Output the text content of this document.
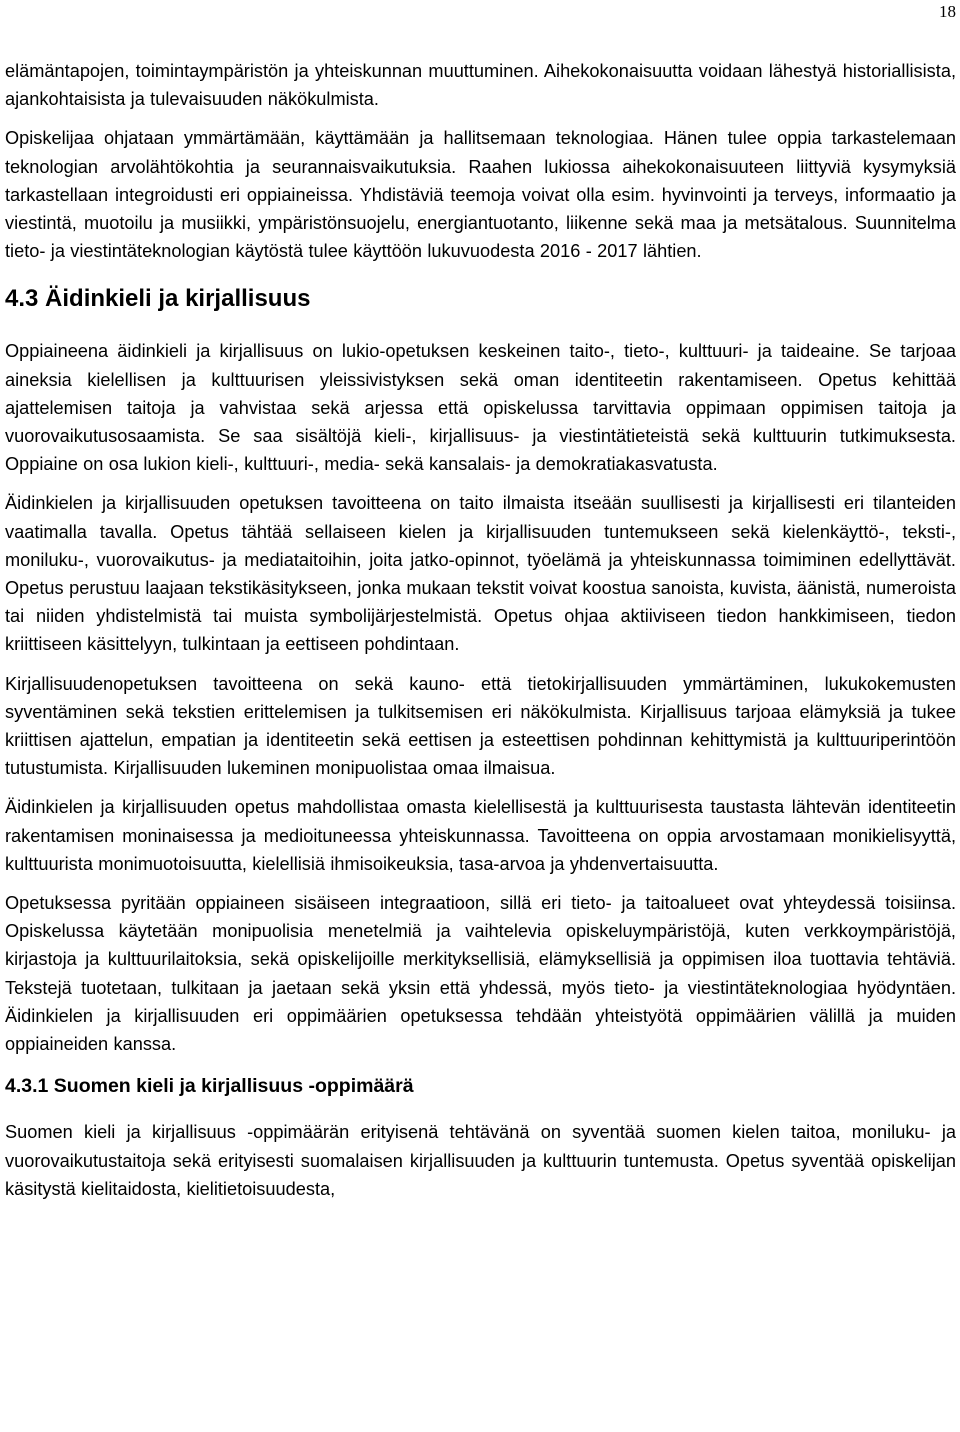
18

elämäntapojen, toimintaympäristön ja yhteiskunnan muuttuminen. Aihekokonaisuutta voidaan lähestyä historiallisista, ajankohtaisista ja tulevaisuuden näkökulmista.

Opiskelijaa ohjataan ymmärtämään, käyttämään ja hallitsemaan teknologiaa. Hänen tulee oppia tarkastelemaan teknologian arvolähtökohtia ja seurannaisvaikutuksia. Raahen lukiossa aihekokonaisuuteen liittyviä kysymyksiä tarkastellaan integroidusti eri oppiaineissa. Yhdistäviä teemoja voivat olla esim. hyvinvointi ja terveys, informaatio ja viestintä, muotoilu ja musiikki, ympäristönsuojelu, energiantuotanto, liikenne sekä maa ja metsätalous. Suunnitelma tieto- ja viestintäteknologian käytöstä tulee käyttöön lukuvuodesta 2016 - 2017 lähtien.

4.3 Äidinkieli ja kirjallisuus

Oppiaineena äidinkieli ja kirjallisuus on lukio-opetuksen keskeinen taito-, tieto-, kulttuuri- ja taideaine. Se tarjoaa aineksia kielellisen ja kulttuurisen yleissivistyksen sekä oman identiteetin rakentamiseen. Opetus kehittää ajattelemisen taitoja ja vahvistaa sekä arjessa että opiskelussa tarvittavia oppimaan oppimisen taitoja ja vuorovaikutusosaamista. Se saa sisältöjä kieli-, kirjallisuus- ja viestintätieteistä sekä kulttuurin tutkimuksesta. Oppiaine on osa lukion kieli-, kulttuuri-, media- sekä kansalais- ja demokratiakasvatusta.

Äidinkielen ja kirjallisuuden opetuksen tavoitteena on taito ilmaista itseään suullisesti ja kirjallisesti eri tilanteiden vaatimalla tavalla. Opetus tähtää sellaiseen kielen ja kirjallisuuden tuntemukseen sekä kielenkäyttö-, teksti-, moniluku-, vuorovaikutus- ja mediataitoihin, joita jatko-opinnot, työelämä ja yhteiskunnassa toimiminen edellyttävät. Opetus perustuu laajaan tekstikäsitykseen, jonka mukaan tekstit voivat koostua sanoista, kuvista, äänistä, numeroista tai niiden yhdistelmistä tai muista symbolijärjestelmistä. Opetus ohjaa aktiiviseen tiedon hankkimiseen, tiedon kriittiseen käsittelyyn, tulkintaan ja eettiseen pohdintaan.

Kirjallisuudenopetuksen tavoitteena on sekä kauno- että tietokirjallisuuden ymmärtäminen, lukukokemusten syventäminen sekä tekstien erittelemisen ja tulkitsemisen eri näkökulmista. Kirjallisuus tarjoaa elämyksiä ja tukee kriittisen ajattelun, empatian ja identiteetin sekä eettisen ja esteettisen pohdinnan kehittymistä ja kulttuuriperintöön tutustumista. Kirjallisuuden lukeminen monipuolistaa omaa ilmaisua.

Äidinkielen ja kirjallisuuden opetus mahdollistaa omasta kielellisestä ja kulttuurisesta taustasta lähtevän identiteetin rakentamisen moninaisessa ja medioituneessa yhteiskunnassa. Tavoitteena on oppia arvostamaan monikielisyyttä, kulttuurista monimuotoisuutta, kielellisiä ihmisoikeuksia, tasa-arvoa ja yhdenvertaisuutta.

Opetuksessa pyritään oppiaineen sisäiseen integraatioon, sillä eri tieto- ja taitoalueet ovat yhteydessä toisiinsa. Opiskelussa käytetään monipuolisia menetelmiä ja vaihtelevia opiskeluympäristöjä, kuten verkkoympäristöjä, kirjastoja ja kulttuurilaitoksia, sekä opiskelijoille merkityksellisiä, elämyksellisiä ja oppimisen iloa tuottavia tehtäviä. Tekstejä tuotetaan, tulkitaan ja jaetaan sekä yksin että yhdessä, myös tieto- ja viestintäteknologiaa hyödyntäen. Äidinkielen ja kirjallisuuden eri oppimäärien opetuksessa tehdään yhteistyötä oppimäärien välillä ja muiden oppiaineiden kanssa.

4.3.1 Suomen kieli ja kirjallisuus -oppimäärä

Suomen kieli ja kirjallisuus -oppimäärän erityisenä tehtävänä on syventää suomen kielen taitoa, moniluku- ja vuorovaikutustaitoja sekä erityisesti suomalaisen kirjallisuuden ja kulttuurin tuntemusta. Opetus syventää opiskelijan käsitystä kielitaidosta, kielitietoisuudesta,
